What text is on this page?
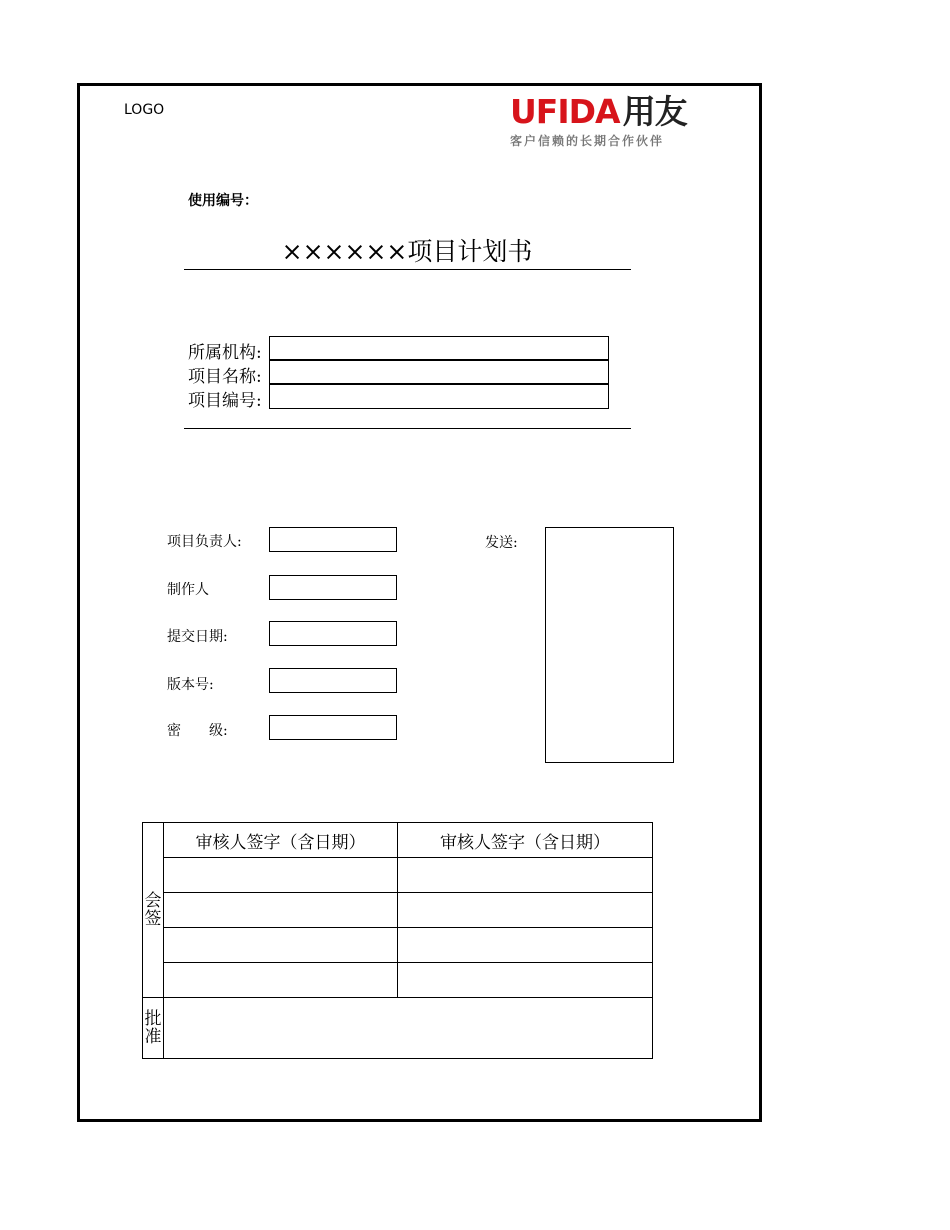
LOGO	UFIDA用友
客户信赖的长期合作伙伴
使用编号：
××××××项目计划书
所属机构:
项目名称:
项目编号:
项目负责人:
制作人
提交日期:
版本号:
密　　级:
发送:
会签	审核人签字（含日期）	审核人签字（含日期）

批准		
